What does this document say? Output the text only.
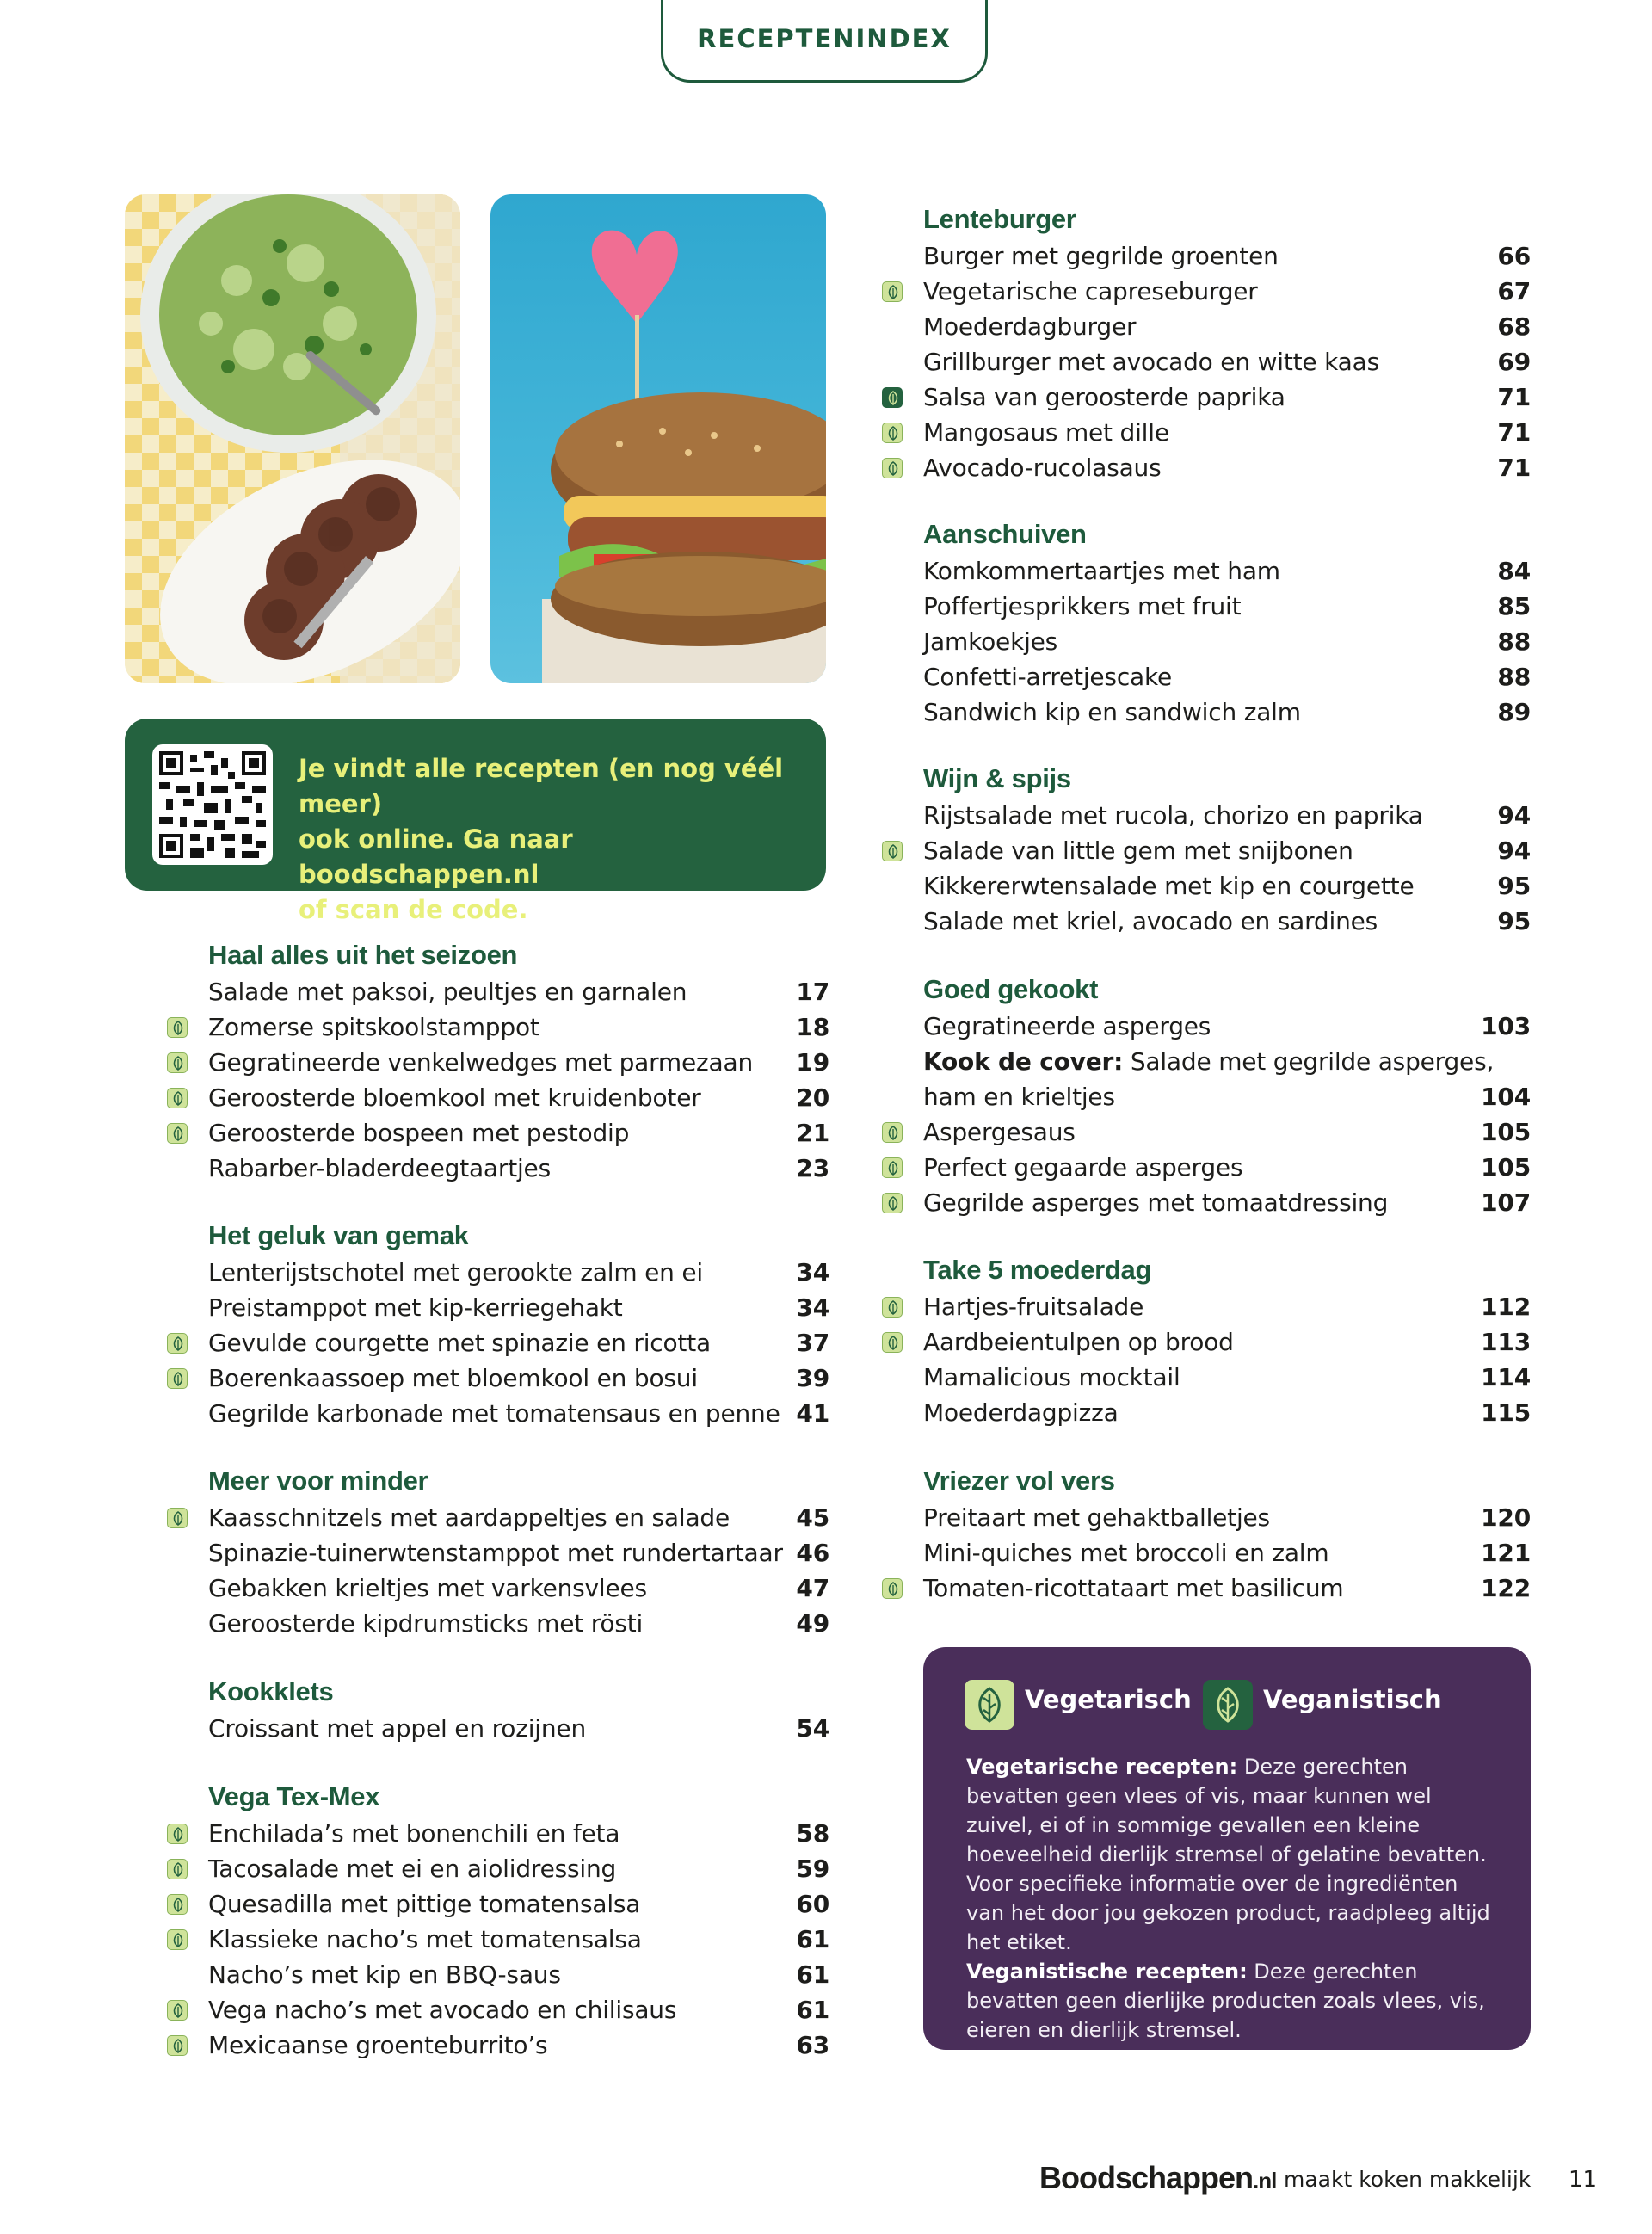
RECEPTENINDEX
Je vindt alle recepten (en nog véél meer)
ook online. Ga naar boodschappen.nl
of scan de code.
Haal alles uit het seizoen
Salade met paksoi, peultjes en garnalen	17
Zomerse spitskoolstamppot	18
Gegratineerde venkelwedges met parmezaan 19
Geroosterde bloemkool met kruidenboter	20
Geroosterde bospeen met pestodip	21
Rabarber-bladerdeegtaartjes	23
Het geluk van gemak
Lenterijstschotel met gerookte zalm en ei	34
Preistamppot met kip-kerriegehakt	34
Gevulde courgette met spinazie en ricotta	37
Boerenkaassoep met bloemkool en bosui	39
Gegrilde karbonade met tomatensaus en penne 41
Meer voor minder
Kaasschnitzels met aardappeltjes en salade	45
Spinazie-tuinerwtenstamppot met rundertartaar 46
Gebakken krieltjes met varkensvlees	47
Geroosterde kipdrumsticks met rösti	49
Kookklets
Croissant met appel en rozijnen	54
Vega Tex-Mex
Enchilada’s met bonenchili en feta	58
Tacosalade met ei en aiolidressing	59
Quesadilla met pittige tomatensalsa	60
Klassieke nacho’s met tomatensalsa	61
Nacho’s met kip en BBQ-saus	61
Vega nacho’s met avocado en chilisaus	61
Mexicaanse groenteburrito’s	63
Lenteburger
Burger met gegrilde groenten	66
Vegetarische capreseburger	67
Moederdagburger	68
Grillburger met avocado en witte kaas	69
Salsa van geroosterde paprika	71
Mangosaus met dille	71
Avocado-rucolasaus	71
Aanschuiven
Komkommertaartjes met ham	84
Poffertjesprikkers met fruit	85
Jamkoekjes	88
Confetti-arretjescake	88
Sandwich kip en sandwich zalm	89
Wijn & spijs
Rijstsalade met rucola, chorizo en paprika	94
Salade van little gem met snijbonen	94
Kikkererwtensalade met kip en courgette	95
Salade met kriel, avocado en sardines	95
Goed gekookt
Gegratineerde asperges	103
Kook de cover: Salade met gegrilde asperges,
ham en krieltjes	104
Aspergesaus	105
Perfect gegaarde asperges	105
Gegrilde asperges met tomaatdressing	107
Take 5 moederdag
Hartjes-fruitsalade	112
Aardbeientulpen op brood	113
Mamalicious mocktail	114
Moederdagpizza	115
Vriezer vol vers
Preitaart met gehaktballetjes	120
Mini-quiches met broccoli en zalm	121
Tomaten-ricottataart met basilicum	122
Vegetarisch	Veganistisch
Vegetarische recepten: Deze gerechten bevatten geen vlees of vis, maar kunnen wel zuivel, ei of in sommige gevallen een kleine hoeveelheid dierlijk stremsel of gelatine bevatten. Voor specifieke informatie over de ingrediënten van het door jou gekozen product, raadpleeg altijd het etiket.
Veganistische recepten: Deze gerechten bevatten geen dierlijke producten zoals vlees, vis, eieren en dierlijk stremsel.
Boodschappen.nl maakt koken makkelijk 11
